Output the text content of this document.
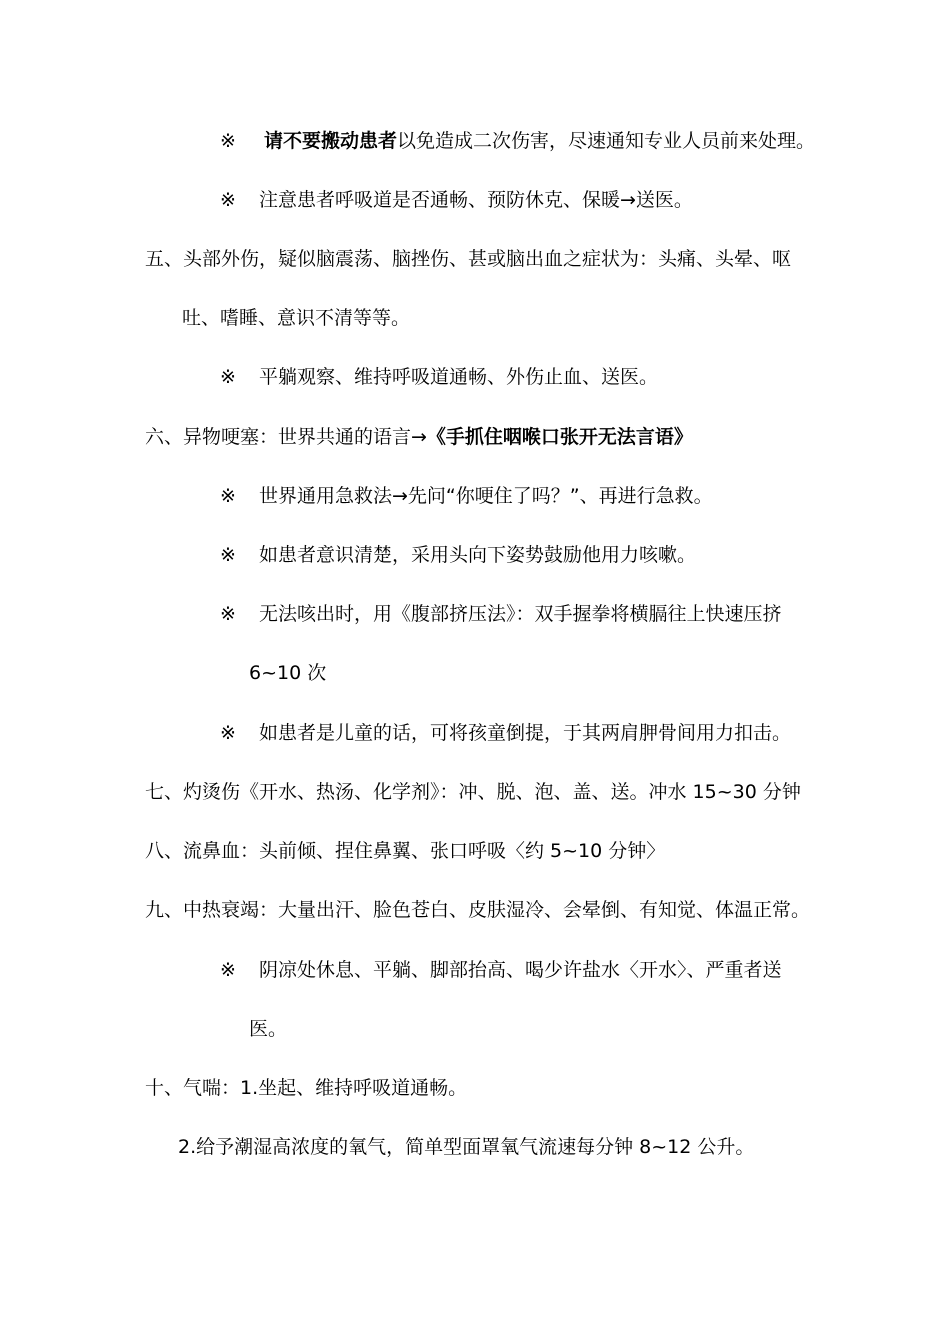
※ 请不要搬动患者以免造成二次伤害，尽速通知专业人员前来处理。
※ 注意患者呼吸道是否通畅、预防休克、保暖→送医。
五、头部外伤，疑似脑震荡、脑挫伤、甚或脑出血之症状为：头痛、头晕、呕
吐、嗜睡、意识不清等等。
※ 平躺观察、维持呼吸道通畅、外伤止血、送医。
六、异物哽塞：世界共通的语言→《手抓住咽喉口张开无法言语》
※ 世界通用急救法→先问“你哽住了吗？”、再进行急救。
※ 如患者意识清楚，采用头向下姿势鼓励他用力咳嗽。
※ 无法咳出时，用《腹部挤压法》：双手握拳将横膈往上快速压挤
6~10 次
※ 如患者是儿童的话，可将孩童倒提，于其两肩胛骨间用力扣击。
七、灼烫伤《开水、热汤、化学剂》：冲、脱、泡、盖、送。冲水 15~30 分钟
八、流鼻血：头前倾、捏住鼻翼、张口呼吸〈约 5~10 分钟〉
九、中热衰竭：大量出汗、脸色苍白、皮肤湿冷、会晕倒、有知觉、体温正常。
※ 阴凉处休息、平躺、脚部抬高、喝少许盐水〈开水〉、严重者送
医。
十、气喘：1.坐起、维持呼吸道通畅。
2.给予潮湿高浓度的氧气，简单型面罩氧气流速每分钟 8~12 公升。
